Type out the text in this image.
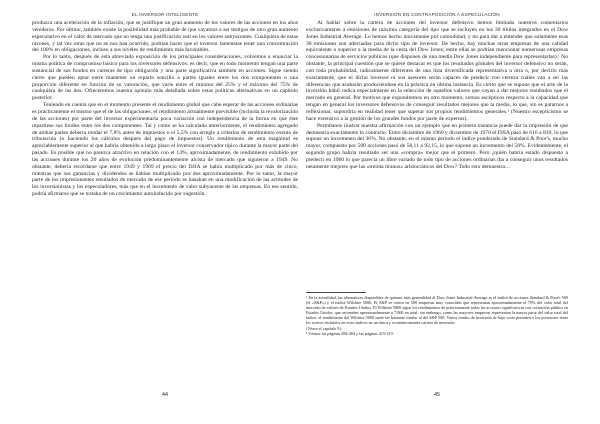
EL INVERSOR INTELIGENTE

produzca una aceleración de la inflación, que se justifique un gran aumento de los valores de las acciones en los años venideros. Por último, también existe la posibilidad más probable de que vayamos a ser testigos de otro gran aumento especulativo en el valor de mercado que no tenga una justificación real en los valores subyacentes. Cualquiera de estas razones, y tal vez otras que no se nos han ocurrido, podrían hacer que el inversor lamentase tener una concentración del 100% en obligaciones, incluso a sus niveles de rendimiento más favorables.

Por lo tanto, después de esta abreviada exposición de los principales consideraciones, volvemos a enunciar la misma política de compromiso básico para los inversores defensivos: es decir, que en todo momento tengan una parte sustancial de sus fondos en carteras de tipo obligación y una parte significativa también en acciones. Sigue siendo cierto que pueden optar entre mantener un reparto sencillo a partes iguales entre los dos componentes o una proporción diferente en función de su valoración, que varíe entre el mínimo del 25% y el máximo del 75% de cualquiera de las dos. Ofreceremos nuestra opinión más detallada sobre estas políticas alternativas en un capítulo posterior.

Teniendo en cuenta que en el momento presente el rendimiento global que cabe esperar de las acciones ordinarias es prácticamente el mismo que el de las obligaciones, el rendimiento actualmente previsible (incluida la revalorización de las acciones) por parte del inversor experimentaría poca variación con independencia de la forma en que éste repartiese sus fondos entre los dos componentes. Tal y como se ha calculado anteriormente, el rendimiento agregado de ambas partes debería rondar el 7,8% antes de impuestos o el 5,5% con arreglo a criterios de rendimiento exento de tributación (o haciendo los cálculos después del pago de impuestos). Un rendimiento de esta magnitud es apreciablemente superior al que habría obtenido a largo plazo el inversor conservador típico durante la mayor parte del pasado. Es posible que no parezca atractivo en relación con el 14%, aproximadamente, de rendimiento exhibido por las acciones durante los 20 años de evolución predominantemente alcista de mercado que siguieron a 1949. No obstante, debería recordarse que entre 1949 y 1969 el precio del DJIA se había multiplicado por más de cinco, mientras que sus ganancias y dividendos se habían multiplicado por dos aproximadamente. Por lo tanto, la mayor parte de los impresionantes resultados de mercado de ese periodo se basaban en una modificación de las actitudes de los inversionistas y los especuladores, más que en el incremento de valor subyacente de las empresas. En ese sentido, podría afirmarse que se trataba de un crecimiento autoinducido por sugestión.

44
INVERSIÓN EN CONTRAPOSICIÓN A ESPECULACIÓN

Al hablar sobre la cartera de acciones del inversor defensivo hemos limitado nuestros comentarios exclusivamente a emisiones de máxima categoría del tipo que se incluyen en los 30 títulos integrados en el Dow Jones Industrial Average. Lo hemos hecho únicamente por comodidad, y no para dar a entender que solamente esas 30 emisiones son adecuadas para dicho tipo de inversor. De hecho, hay muchas otras empresas de una calidad equivalente o superior a la media de la cesta del Dow Jones; entre ellas se podrían mencionar numerosas empresas concesionarias de servicios públicos (que disponen de una media Dow Jones independiente para representarlas).¹ No obstante, la principal cuestión que se quiere destacar es que los resultados globales del inversor defensivo no serán, con toda probabilidad, radicalmente diferentes de una lista diversificada representativa u otra o, por decirlo más exactamente, que ni dicho inversor ni sus asesores serán capaces de predecir con certeza cuáles van a ser las diferencias que acabarán produciéndose en la práctica en última instancia. Es cierto que se supone que el arte de la inversión hábil radica especialmente en la selección de aquellos valores que vayan a dar mejores resultados que el mercado en general. Por motivos que expondremos en otro momento, somos escépticos respecto a la capacidad que tengan en general los inversores defensivos de conseguir resultados mejores que la media, lo que, sin es pararnos a reflexionar, supondría en realidad tener que superar sus propios rendimientos generales.² (Nuestro escepticismo se hace extensivo a la gestión de los grandes fondos por parte de expertos).

Permítanos ilustrar nuestra afirmación con un ejemplo que en primera instancia puede dar la impresión de que demuestra exactamente lo contrario. Entre diciembre de 1960 y diciembre de 1970 el DJIA pasó de 616 a 839, lo que supone un incremento del 36%. No obstante, en el mismo periodo el índice ponderado de Standard & Poor's, mucho mayor, compuesto por 500 acciones pasó de 58,11 a 92,15, lo que supone un incremento del 58%. Evidentemente, el segundo grupo habría resultado ser una «compra» mejor que el primero. Pero ¿quién habría estado dispuesto a predecir en 1960 lo que parecía un libre variado de todo tipo de acciones ordinarias iba a conseguir unos resultados netamente mejores que las «treinta tiranos» aristocráticos del Dow? Todo esto demuestra…

¹ En la actualidad, las alternativas disponibles de quienes más generalidad al Dow Jones Industrial Average es el índice de acciones Standard & Poor's 500 (el «S&P») y el índice Wilshire 5000. El S&P se centra en 500 empresas muy conocidas que representan aproximadamente el 70% del valor total del mercado de valores de Estados Unidos. El Wilshire 5000 sigue los rendimientos de prácticamente todas las acciones significativas con cotización pública en Estados Unidos, que ascienden aproximadamente a 7.000 en total; sin embargo, como las mayores empresas representan la mayor parte del valor total del índice, el rendimiento del Wilshire 5000 suele ser bastante similar al del S&P 500. Varios fondos de inversión de bajo coste permiten a los inversores tener los activos incluidos en estos índices en un única y económicamente cartera de inversión.

(Véase el capítulo 9).

² Véanse las páginas 384-404 y las páginas 415-419.

45
